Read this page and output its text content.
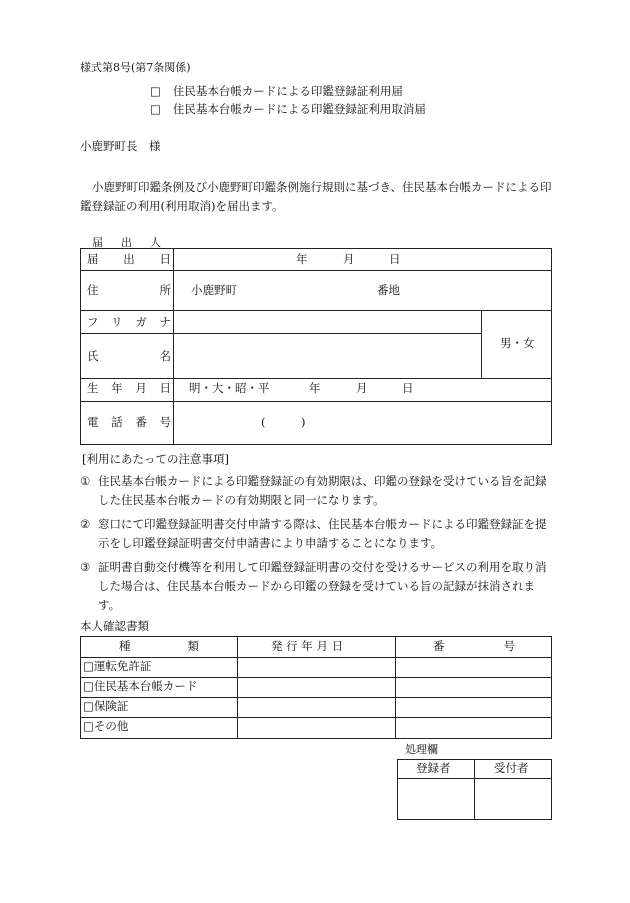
様式第8号(第7条関係)
□ 住民基本台帳カードによる印鑑登録証利用届
□ 住民基本台帳カードによる印鑑登録証利用取消届
小鹿野町長　様
小鹿野町印鑑条例及び小鹿野町印鑑条例施行規則に基づき、住民基本台帳カードによる印鑑登録証の利用(利用取消)を届出ます。
届出人
届 出 日	年	月	日
住	所 小鹿野町	番地
フ リ ガ ナ
氏	名
男・女
生 年 月 日 明・大・昭・平	年	月	日
電 話 番 号	(	)
[利用にあたっての注意事項]
① 住民基本台帳カードによる印鑑登録証の有効期限は、印鑑の登録を受けている旨を記録した住民基本台帳カードの有効期限と同一になります。
② 窓口にて印鑑登録証明書交付申請する際は、住民基本台帳カードによる印鑑登録証を提示をし印鑑登録証明書交付申請書により申請することになります。
③ 証明書自動交付機等を利用して印鑑登録証明書の交付を受けるサービスの利用を取り消した場合は、住民基本台帳カードから印鑑の登録を受けている旨の記録が抹消されます。
本人確認書類
種	類	発 行 年 月 日	番	号
□運転免許証
□住民基本台帳カード
□保険証
□その他
処理欄
登録者	受付者
